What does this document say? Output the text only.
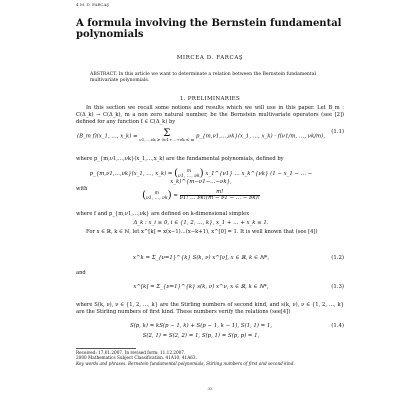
4 M. D. FARCAŞ
A formula involving the Bernstein fundamental polynomials
MIRCEA D. FARCAŞ
ABSTRACT. In this article we want to determinate a relation between the Bernstein fundamental multivariate polynomials.
1. PRELIMINARIES
In this section we recall some notions and results which we will use in this paper. Let B_m : C(Δ_k) → C(Δ_k), m a non zero natural number, be the Bernstein multivariate operators (see [2]) defined for any function f ∈ C(Δ_k) by
(B_m f)(x_1, …, x_k) =	Σ
ν1,…,νk ≥ 0ν1+…+νk ≤ m p_{m,ν1,…,νk}(x_1, …, x_k) · f(ν1/m, …, νk/m),
(1.1)
where p_{m,ν1,…,νk}(x_1,…,x_k) are the fundamental polynomials, defined by
p_{m,ν1,…,νk}(x_1, …, x_k) = ( m
ν1, …, νk) x_1^{ν1} … x_k^{νk} (1 − x_1 − … − x_k)^{m−ν1−…−νk},
with
( m
ν1, …, $\nu k) = \frac{m!}{\nu 1! \dots \nu k!(m - \nu 1 - \dots - \nu k)!}$
where f and p_{m,ν1,…,νk} are defined on k-dimensional simplex
Δ_k : x_i ≥ 0, i ∈ {1, 2, …, k}, x_1 + … + x_k ≤ 1.
For x ∈ ℝ, k ∈ ℕ, let x^[k] = x(x−1)…(x−k+1), x^[0] = 1. It is well known that (see [4])
x^k = Σ_{ν=1}^{k} S(k, ν) x^[ν], x ∈ ℝ, k ∈ ℕ*,	(1.2)
and
x^[k] = Σ_{ν=1}^{k} s(k, ν) x^ν, x ∈ ℝ, k ∈ ℕ*,	(1.3)
where S(k, ν), ν ∈ {1, 2, …, k} are the Stirling numbers of second kind, and s(k, ν), ν ∈ {1, 2, …, k} are the Stirling numbers of first kind. These numbers verify the relations (see[4])
S(p, k) = kS(p − 1, k) + S(p − 1, k − 1), S(1, 1) = 1,	(1.4)
S(2, 1) = S(2, 2) = 1, S(p, 1) = S(p, p) = 1,
Received: 17.01.2007. In revised form: 11.12.2007.
2000 Mathematics Subject Classification. 41A10, 41A63.
Key words and phrases. Bernstein fundamental polynomials, Stirling numbers of first and second kind.
33
